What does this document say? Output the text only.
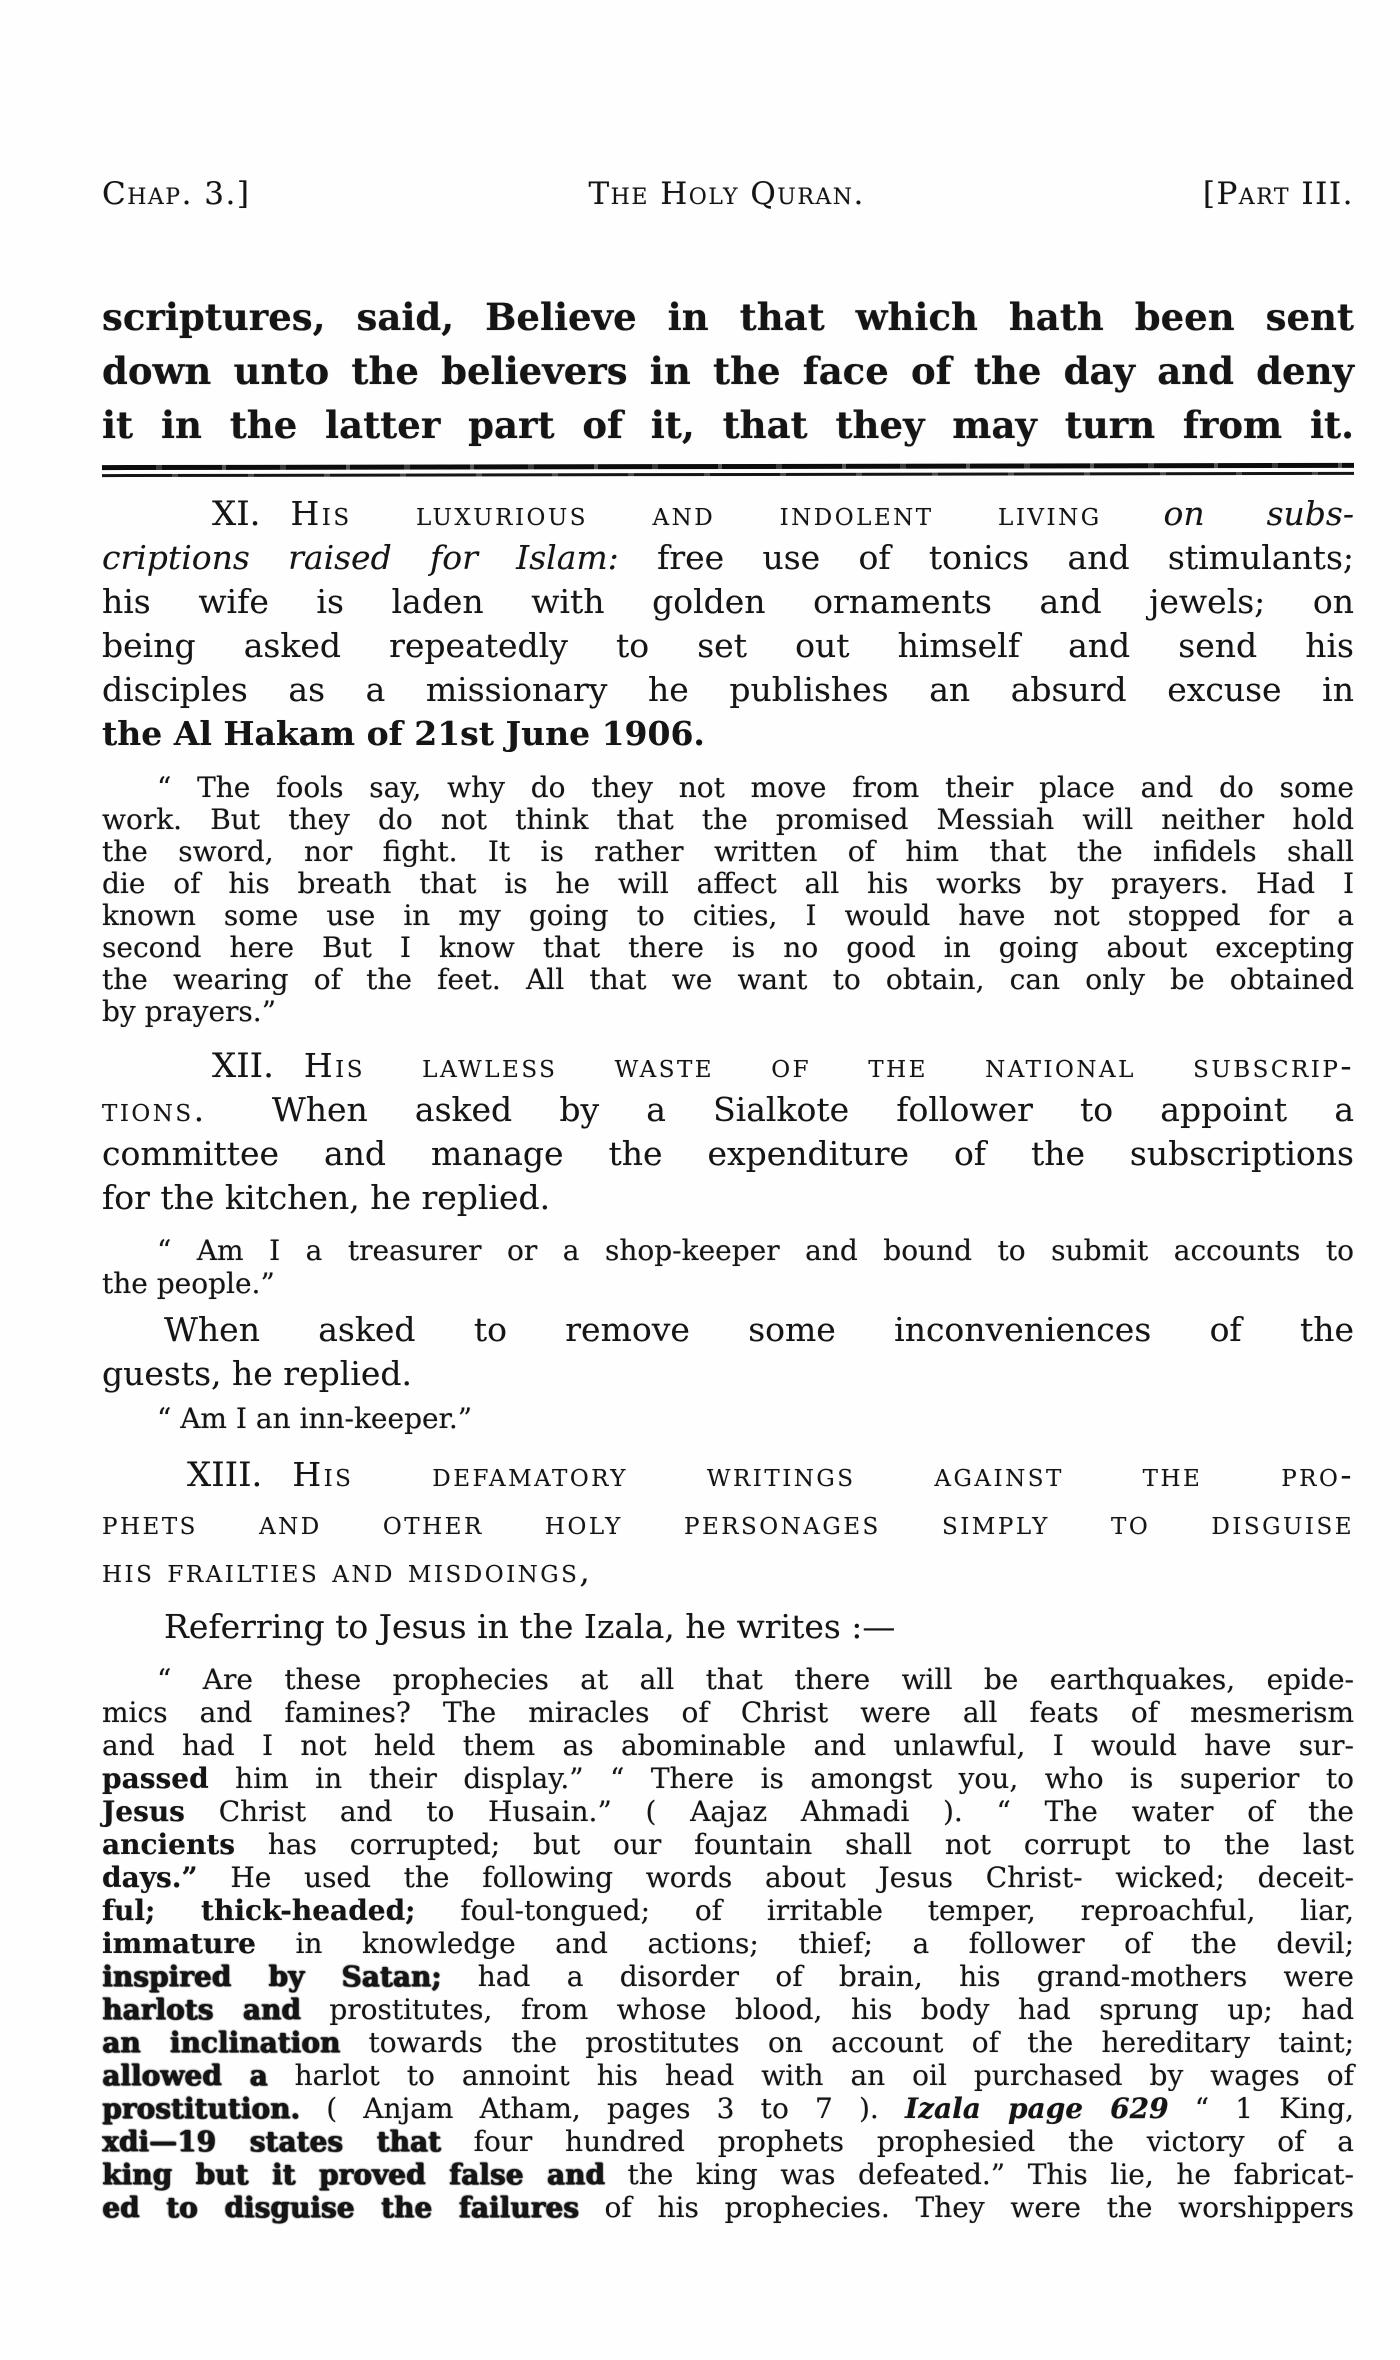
Chap. 3.]	The Holy Quran.	[Part III.
scriptures, said, Believe in that which hath been sent
down unto the believers in the face of the day and deny
it in the latter part of it, that they may turn from it.
XI. His luxurious and indolent living on subs-
criptions raised for Islam: free use of tonics and stimulants;
his wife is laden with golden ornaments and jewels; on
being asked repeatedly to set out himself and send his
disciples as a missionary he publishes an absurd excuse in
the Al Hakam of 21st June 1906.
“ The fools say, why do they not move from their place and do some
work. But they do not think that the promised Messiah will neither hold
the sword, nor fight. It is rather written of him that the infidels shall
die of his breath that is he will affect all his works by prayers. Had I
known some use in my going to cities, I would have not stopped for a
second here But I know that there is no good in going about excepting
the wearing of the feet. All that we want to obtain, can only be obtained
by prayers.”
XII. His lawless waste of the national subscrip-
tions. When asked by a Sialkote follower to appoint a
committee and manage the expenditure of the subscriptions
for the kitchen, he replied.
“ Am I a treasurer or a shop-keeper and bound to submit accounts to
the people.”
When asked to remove some inconveniences of the
guests, he replied.
“ Am I an inn-keeper.”
XIII. His defamatory writings against the pro-
phets and other holy personages simply to disguise
his frailties and misdoings,
Referring to Jesus in the Izala, he writes :—
“ Are these prophecies at all that there will be earthquakes, epide-
mics and famines? The miracles of Christ were all feats of mesmerism
and had I not held them as abominable and unlawful, I would have sur-
passed him in their display.” “ There is amongst you, who is superior to
Jesus Christ and to Husain.” ( Aajaz Ahmadi ). “ The water of the
ancients has corrupted; but our fountain shall not corrupt to the last
days.” He used the following words about Jesus Christ- wicked; deceit-
ful; thick-headed; foul-tongued; of irritable temper, reproachful, liar,
immature in knowledge and actions; thief; a follower of the devil;
inspired by Satan; had a disorder of brain, his grand-mothers were
harlots and prostitutes, from whose blood, his body had sprung up; had
an inclination towards the prostitutes on account of the hereditary taint;
allowed a harlot to annoint his head with an oil purchased by wages of
prostitution. ( Anjam Atham, pages 3 to 7 ). Izala page 629 “ 1 King,
xdi—19 states that four hundred prophets prophesied the victory of a
king but it proved false and the king was defeated.” This lie, he fabricat-
ed to disguise the failures of his prophecies. They were the worshippers
